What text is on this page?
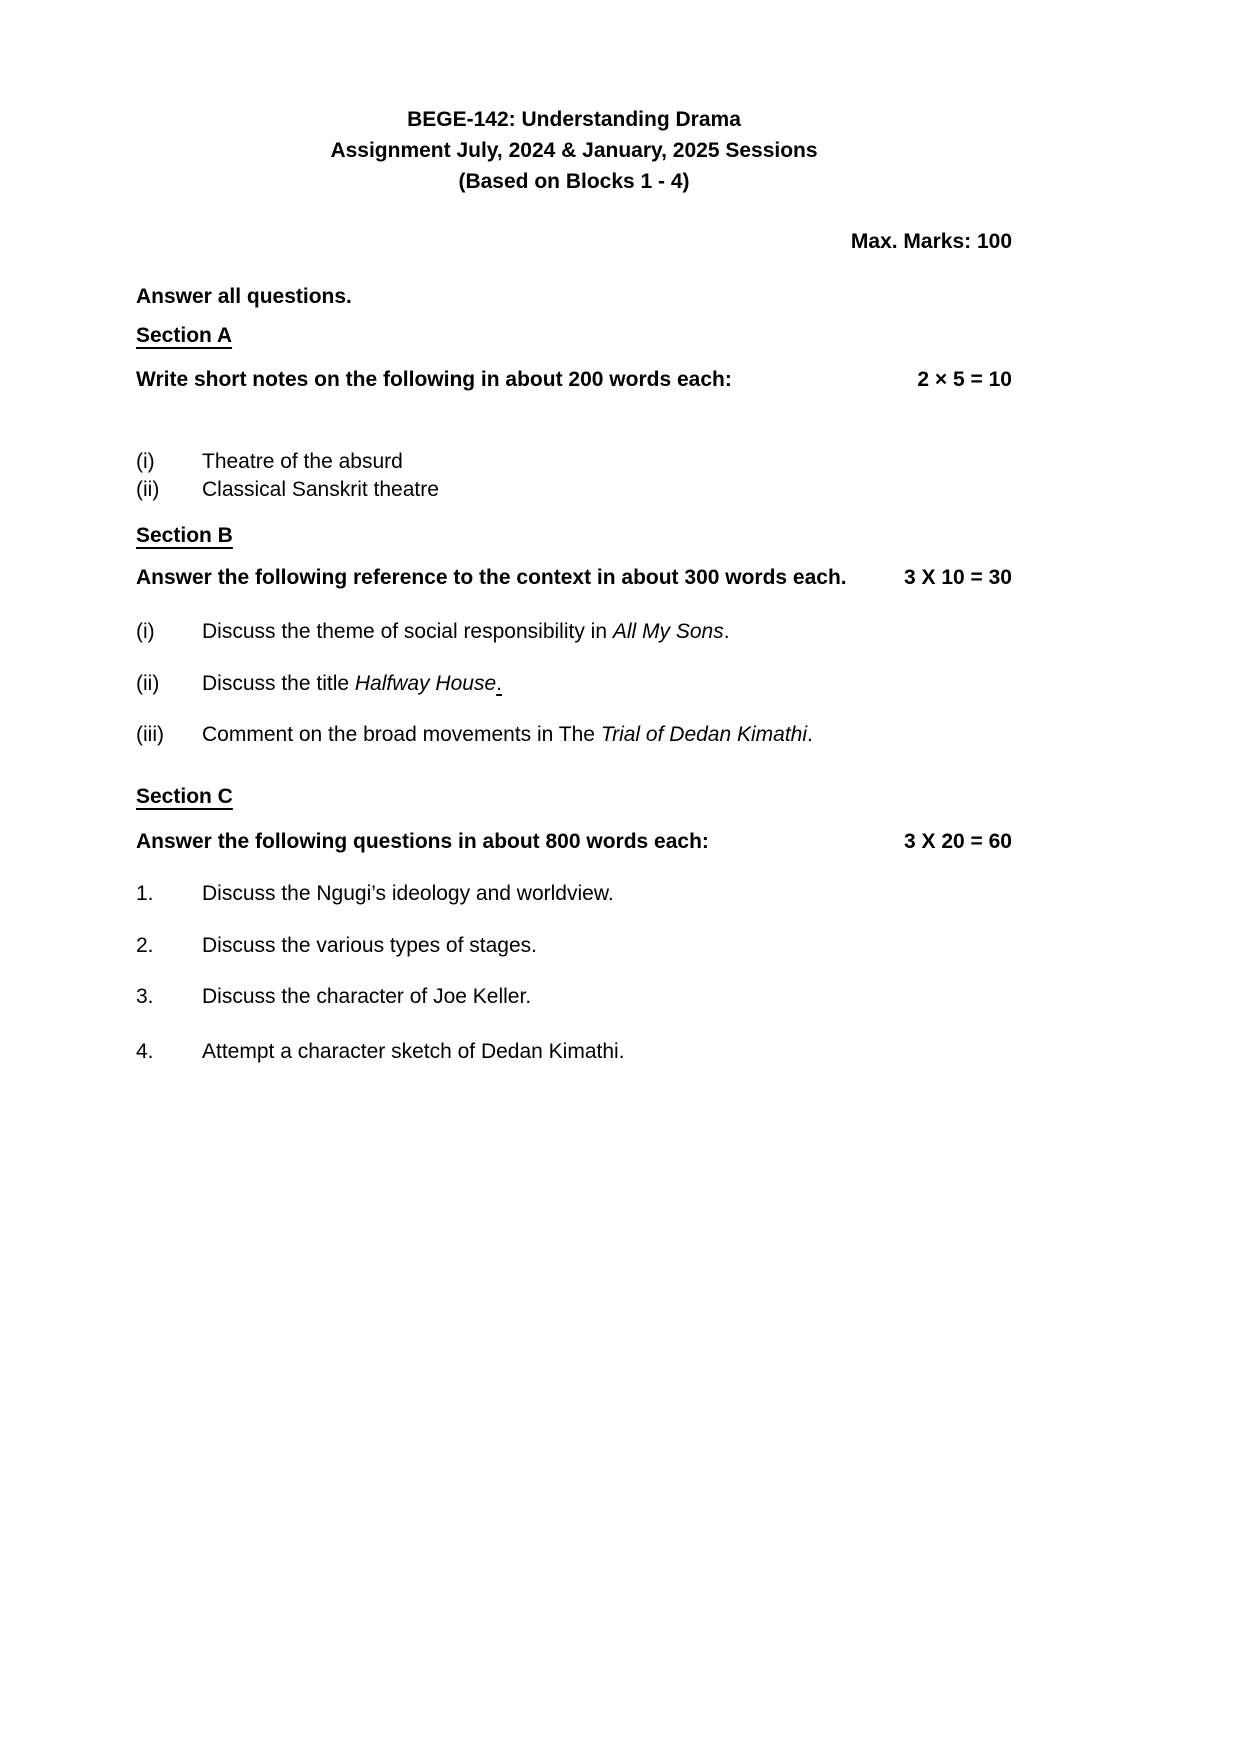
BEGE-142: Understanding Drama
Assignment July, 2024 & January, 2025 Sessions
(Based on Blocks 1 - 4)
Max. Marks: 100
Answer all questions.
Section A
Write short notes on the following in about 200 words each:	2 × 5 = 10
(i)	Theatre of the absurd
(ii)	Classical Sanskrit theatre
Section B
Answer the following reference to the context in about 300 words each.	3 X 10 = 30
(i)	Discuss the theme of social responsibility in All My Sons.
(ii)	Discuss the title Halfway House.
(iii)	Comment on the broad movements in The Trial of Dedan Kimathi.
Section C
Answer the following questions in about 800 words each:	3 X 20 = 60
1.	Discuss the Ngugi’s ideology and worldview.
2.	Discuss the various types of stages.
3.	Discuss the character of Joe Keller.
4.	Attempt a character sketch of Dedan Kimathi.
